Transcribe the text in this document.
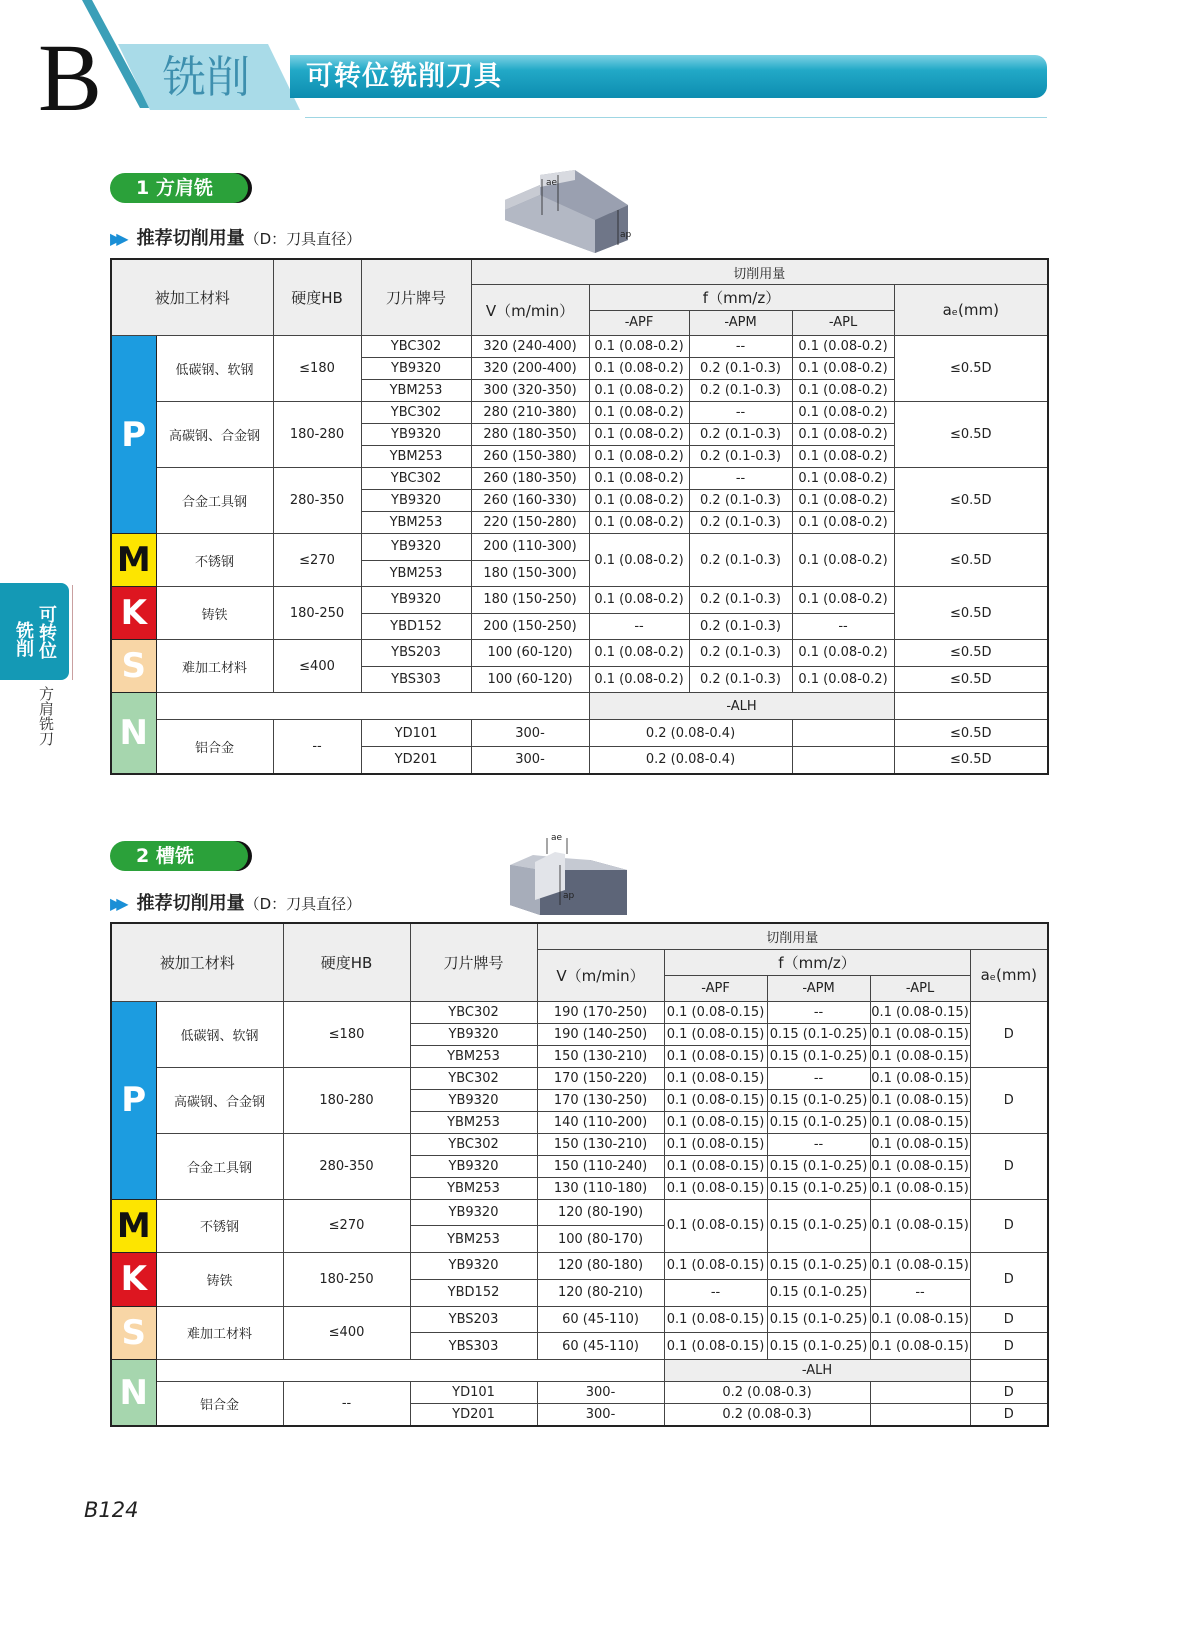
B 铣削 可转位铣削刀具
可转位
铣削
方肩铣刀
1 方肩铣
▶▶ 推荐切削用量 （D：刀具直径）
ae
ap
被加工材料		硬度HB	刀片牌号	切削用量				
				V（m/min）	f（mm/z）			aₑ(mm)
					-APF	-APM	-APL	
P	低碳钢、软钢	≤180	YBC302	320 (240-400)	0.1 (0.08-0.2)	--	0.1 (0.08-0.2)	≤0.5D
			YB9320	320 (200-400)	0.1 (0.08-0.2)	0.2 (0.1-0.3)	0.1 (0.08-0.2)	
			YBM253	300 (320-350)	0.1 (0.08-0.2)	0.2 (0.1-0.3)	0.1 (0.08-0.2)	
	高碳钢、合金钢	180-280	YBC302	280 (210-380)	0.1 (0.08-0.2)	--	0.1 (0.08-0.2)	≤0.5D
			YB9320	280 (180-350)	0.1 (0.08-0.2)	0.2 (0.1-0.3)	0.1 (0.08-0.2)	
			YBM253	260 (150-380)	0.1 (0.08-0.2)	0.2 (0.1-0.3)	0.1 (0.08-0.2)	
	合金工具钢	280-350	YBC302	260 (180-350)	0.1 (0.08-0.2)	--	0.1 (0.08-0.2)	≤0.5D
			YB9320	260 (160-330)	0.1 (0.08-0.2)	0.2 (0.1-0.3)	0.1 (0.08-0.2)	
			YBM253	220 (150-280)	0.1 (0.08-0.2)	0.2 (0.1-0.3)	0.1 (0.08-0.2)	
M	不锈钢	≤270	YB9320	200 (110-300)	0.1 (0.08-0.2)	0.2 (0.1-0.3)	0.1 (0.08-0.2)	≤0.5D
			YBM253	180 (150-300)				
K	铸铁	180-250	YB9320	180 (150-250)	0.1 (0.08-0.2)	0.2 (0.1-0.3)	0.1 (0.08-0.2)	≤0.5D
			YBD152	200 (150-250)	--	0.2 (0.1-0.3)	--	
S	难加工材料	≤400	YBS203	100 (60-120)	0.1 (0.08-0.2)	0.2 (0.1-0.3)	0.1 (0.08-0.2)	≤0.5D
			YBS303	100 (60-120)	0.1 (0.08-0.2)	0.2 (0.1-0.3)	0.1 (0.08-0.2)	≤0.5D
N					-ALH			
	铝合金	--	YD101	300-	0.2 (0.08-0.4)			≤0.5D
			YD201	300-	0.2 (0.08-0.4)			≤0.5D
2 槽铣
▶▶ 推荐切削用量 （D：刀具直径）
ae
ap
被加工材料		硬度HB	刀片牌号	切削用量				
				V（m/min）	f（mm/z）			aₑ(mm)
					-APF	-APM	-APL	
P	低碳钢、软钢	≤180	YBC302	190 (170-250)	0.1 (0.08-0.15)	--	0.1 (0.08-0.15)	D
			YB9320	190 (140-250)	0.1 (0.08-0.15)	0.15 (0.1-0.25)	0.1 (0.08-0.15)	
			YBM253	150 (130-210)	0.1 (0.08-0.15)	0.15 (0.1-0.25)	0.1 (0.08-0.15)	
	高碳钢、合金钢	180-280	YBC302	170 (150-220)	0.1 (0.08-0.15)	--	0.1 (0.08-0.15)	D
			YB9320	170 (130-250)	0.1 (0.08-0.15)	0.15 (0.1-0.25)	0.1 (0.08-0.15)	
			YBM253	140 (110-200)	0.1 (0.08-0.15)	0.15 (0.1-0.25)	0.1 (0.08-0.15)	
	合金工具钢	280-350	YBC302	150 (130-210)	0.1 (0.08-0.15)	--	0.1 (0.08-0.15)	D
			YB9320	150 (110-240)	0.1 (0.08-0.15)	0.15 (0.1-0.25)	0.1 (0.08-0.15)	
			YBM253	130 (110-180)	0.1 (0.08-0.15)	0.15 (0.1-0.25)	0.1 (0.08-0.15)	
M	不锈钢	≤270	YB9320	120 (80-190)	0.1 (0.08-0.15)	0.15 (0.1-0.25)	0.1 (0.08-0.15)	D
			YBM253	100 (80-170)				
K	铸铁	180-250	YB9320	120 (80-180)	0.1 (0.08-0.15)	0.15 (0.1-0.25)	0.1 (0.08-0.15)	D
			YBD152	120 (80-210)	--	0.15 (0.1-0.25)	--	
S	难加工材料	≤400	YBS203	60 (45-110)	0.1 (0.08-0.15)	0.15 (0.1-0.25)	0.1 (0.08-0.15)	D
			YBS303	60 (45-110)	0.1 (0.08-0.15)	0.15 (0.1-0.25)	0.1 (0.08-0.15)	D
N					-ALH			
	铝合金	--	YD101	300-	0.2 (0.08-0.3)			D
			YD201	300-	0.2 (0.08-0.3)			D
B124
